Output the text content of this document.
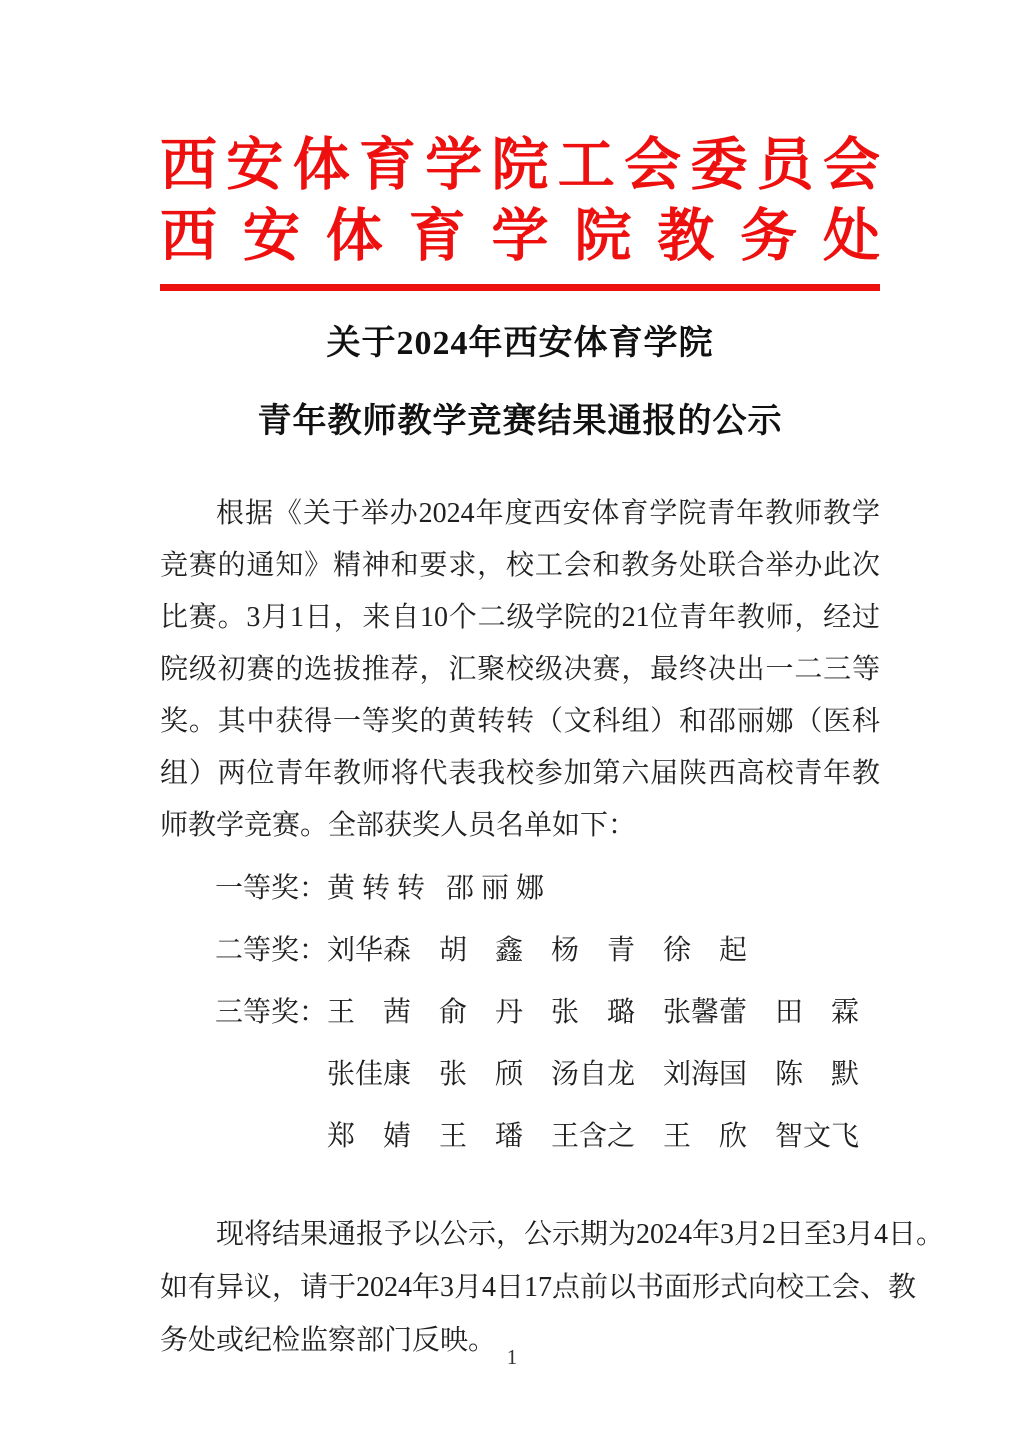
西 安 体 育 学 院 工 会 委 员 会
西 安 体 育 学 院 教 务 处
关于2024年西安体育学院
青年教师教学竞赛结果通报的公示
根据《关于举办2024年度西安体育学院青年教师教学
竞赛的通知》精神和要求，校工会和教务处联合举办此次
比赛。3月1日，来自10个二级学院的21位青年教师，经过
院级初赛的选拔推荐，汇聚校级决赛，最终决出一二三等
奖。其中获得一等奖的黄转转（文科组）和邵丽娜（医科
组）两位青年教师将代表我校参加第六届陕西高校青年教
师教学竞赛。全部获奖人员名单如下：
一等奖： 黄转转 邵丽娜
二等奖： 刘华森　胡　鑫　杨　青　徐　起
三等奖： 王　茜　俞　丹　张　璐　张馨蕾　田　霖
张佳康　张　颀　汤自龙　刘海国　陈　默
郑　婧　王　璠　王含之　王　欣　智文飞
现将结果通报予以公示，公示期为2024年3月2日至3月4日。
如有异议，请于2024年3月4日17点前以书面形式向校工会、教
务处或纪检监察部门反映。
1
